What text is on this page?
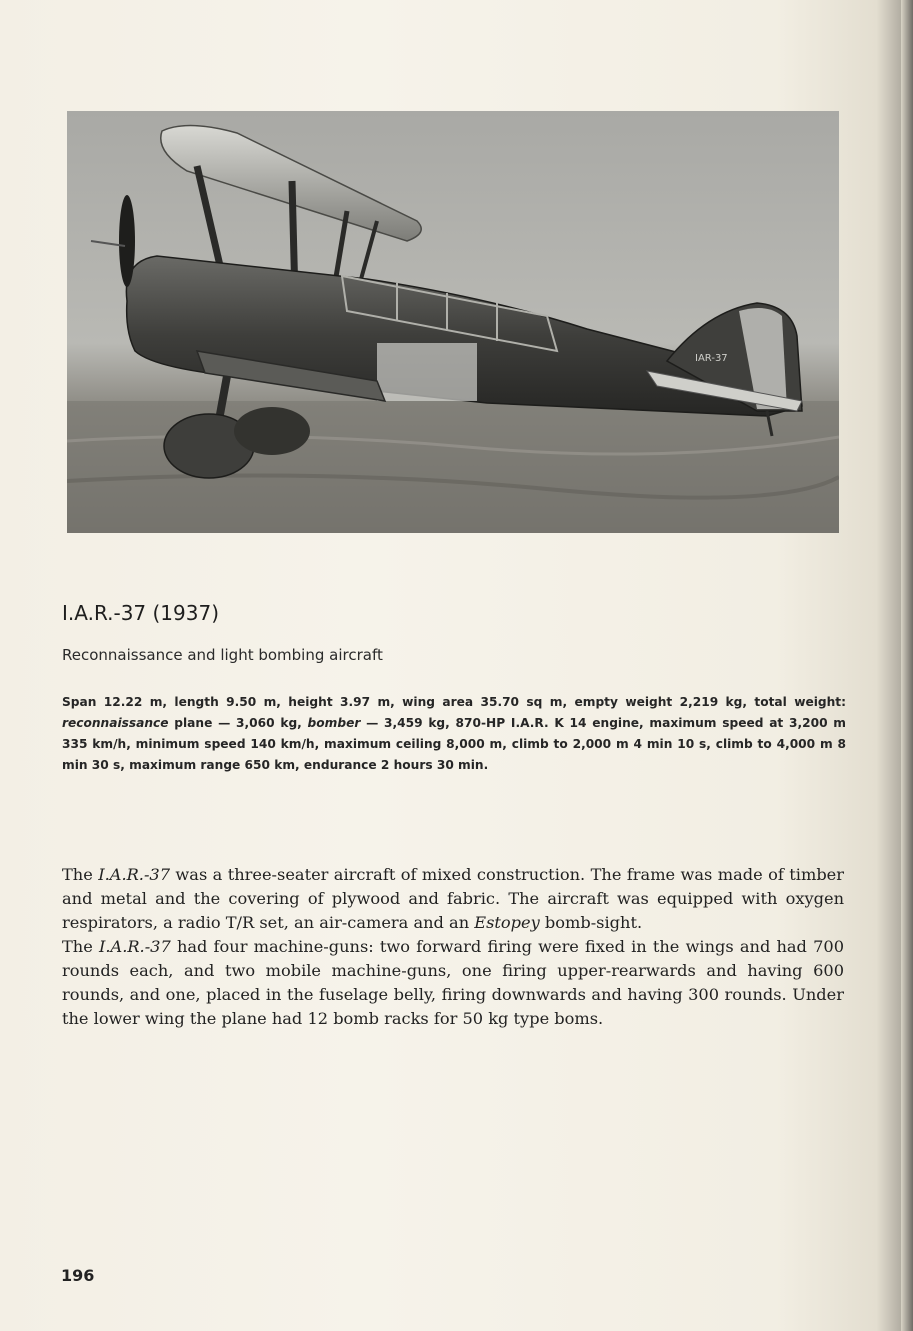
IAR-37
I.A.R.-37 (1937)

Reconnaissance and light bombing aircraft

Span 12.22 m, length 9.50 m, height 3.97 m, wing area 35.70 sq m, empty weight 2,219 kg, total weight: reconnaissance plane — 3,060 kg, bomber — 3,459 kg, 870-HP I.A.R. K 14 engine, maximum speed at 3,200 m 335 km/h, minimum speed 140 km/h, maximum ceiling 8,000 m, climb to 2,000 m 4 min 10 s, climb to 4,000 m 8 min 30 s, maximum range 650 km, endurance 2 hours 30 min.

The I.A.R.-37 was a three-seater aircraft of mixed construction. The frame was made of timber and metal and the covering of plywood and fabric. The aircraft was equipped with oxygen respirators, a radio T/R set, an air-camera and an Estopey bomb-sight.

The I.A.R.-37 had four machine-guns: two forward firing were fixed in the wings and had 700 rounds each, and two mobile machine-guns, one firing upper-rearwards and having 600 rounds, and one, placed in the fuselage belly, firing downwards and having 300 rounds. Under the lower wing the plane had 12 bomb racks for 50 kg type boms.

196
